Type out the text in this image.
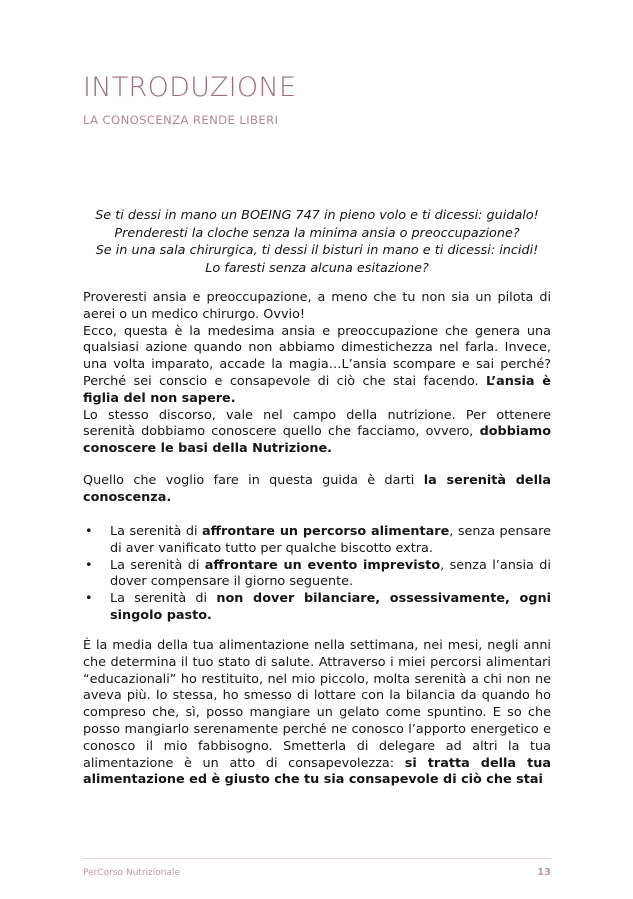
INTRODUZIONE
LA CONOSCENZA RENDE LIBERI
Se ti dessi in mano un BOEING 747 in pieno volo e ti dicessi: guidalo!
Prenderesti la cloche senza la minima ansia o preoccupazione?
Se in una sala chirurgica, ti dessi il bisturi in mano e ti dicessi: incidi!
Lo faresti senza alcuna esitazione?
Proveresti ansia e preoccupazione, a meno che tu non sia un pilota di aerei o un medico chirurgo. Ovvio!
Ecco, questa è la medesima ansia e preoccupazione che genera una qualsiasi azione quando non abbiamo dimestichezza nel farla. Invece, una volta imparato, accade la magia…L’ansia scompare e sai perché? Perché sei conscio e consapevole di ciò che stai facendo. L’ansia è figlia del non sapere.
Lo stesso discorso, vale nel campo della nutrizione. Per ottenere serenità dobbiamo conoscere quello che facciamo, ovvero, dobbiamo conoscere le basi della Nutrizione.
Quello che voglio fare in questa guida è darti la serenità della conoscenza.
• La serenità di affrontare un percorso alimentare, senza pensare di aver vanificato tutto per qualche biscotto extra.
• La serenità di affrontare un evento imprevisto, senza l’ansia di dover compensare il giorno seguente.
• La serenità di non dover bilanciare, ossessivamente, ogni singolo pasto.
È la media della tua alimentazione nella settimana, nei mesi, negli anni che determina il tuo stato di salute. Attraverso i miei percorsi alimentari “educazionali” ho restituito, nel mio piccolo, molta serenità a chi non ne aveva più. Io stessa, ho smesso di lottare con la bilancia da quando ho compreso che, sì, posso mangiare un gelato come spuntino. E so che posso mangiarlo serenamente perché ne conosco l’apporto energetico e conosco il mio fabbisogno. Smetterla di delegare ad altri la tua alimentazione è un atto di consapevolezza: si tratta della tua alimentazione ed è giusto che tu sia consapevole di ciò che stai
PerCorso Nutrizionale	13
